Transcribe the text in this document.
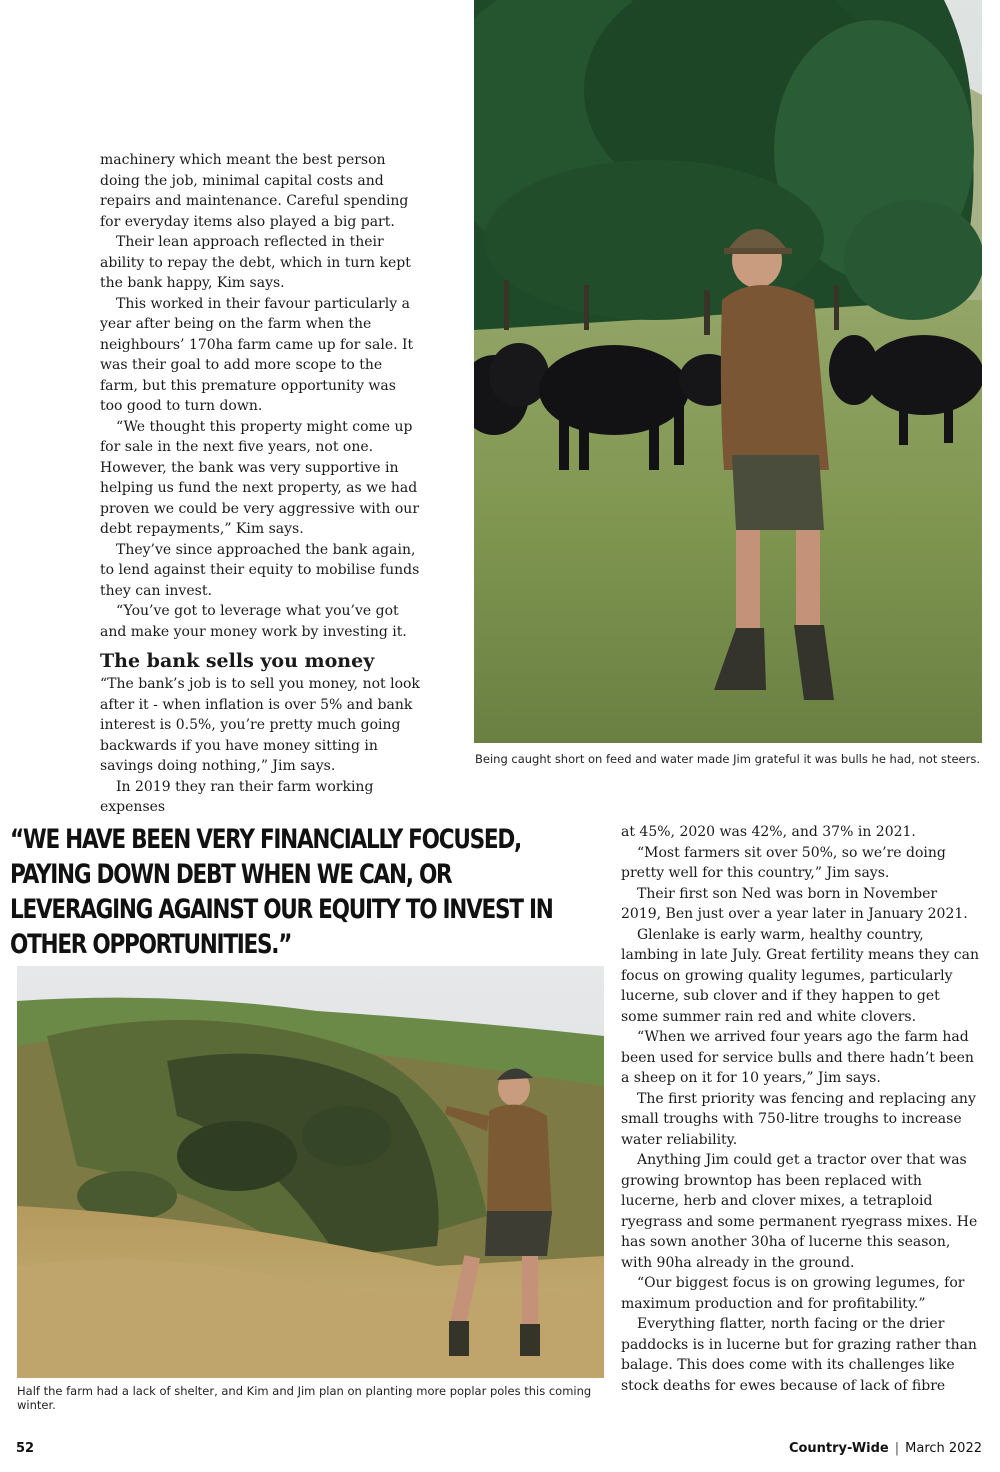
machinery which meant the best person doing the job, minimal capital costs and repairs and maintenance. Careful spending for everyday items also played a big part.

Their lean approach reflected in their ability to repay the debt, which in turn kept the bank happy, Kim says.

This worked in their favour particularly a year after being on the farm when the neighbours’ 170ha farm came up for sale. It was their goal to add more scope to the farm, but this premature opportunity was too good to turn down.

“We thought this property might come up for sale in the next five years, not one. However, the bank was very supportive in helping us fund the next property, as we had proven we could be very aggressive with our debt repayments,” Kim says.

They’ve since approached the bank again, to lend against their equity to mobilise funds they can invest.

“You’ve got to leverage what you’ve got and make your money work by investing it.

The bank sells you money

“The bank’s job is to sell you money, not look after it - when inflation is over 5% and bank interest is 0.5%, you’re pretty much going backwards if you have money sitting in savings doing nothing,” Jim says.

In 2019 they ran their farm working expenses

Being caught short on feed and water made Jim grateful it was bulls he had, not steers.
“WE HAVE BEEN VERY FINANCIALLY FOCUSED, PAYING DOWN DEBT WHEN WE CAN, OR LEVERAGING AGAINST OUR EQUITY TO INVEST IN OTHER OPPORTUNITIES.”
Half the farm had a lack of shelter, and Kim and Jim plan on planting more poplar poles this coming winter.

at 45%, 2020 was 42%, and 37% in 2021.

“Most farmers sit over 50%, so we’re doing pretty well for this country,” Jim says.

Their first son Ned was born in November 2019, Ben just over a year later in January 2021.

Glenlake is early warm, healthy country, lambing in late July. Great fertility means they can focus on growing quality legumes, particularly lucerne, sub clover and if they happen to get some summer rain red and white clovers.

“When we arrived four years ago the farm had been used for service bulls and there hadn’t been a sheep on it for 10 years,” Jim says.

The first priority was fencing and replacing any small troughs with 750-litre troughs to increase water reliability.

Anything Jim could get a tractor over that was growing browntop has been replaced with lucerne, herb and clover mixes, a tetraploid ryegrass and some permanent ryegrass mixes. He has sown another 30ha of lucerne this season, with 90ha already in the ground.

“Our biggest focus is on growing legumes, for maximum production and for profitability.”

Everything flatter, north facing or the drier paddocks is in lucerne but for grazing rather than balage. This does come with its challenges like stock deaths for ewes because of lack of fibre

52	Country-Wide | March 2022
